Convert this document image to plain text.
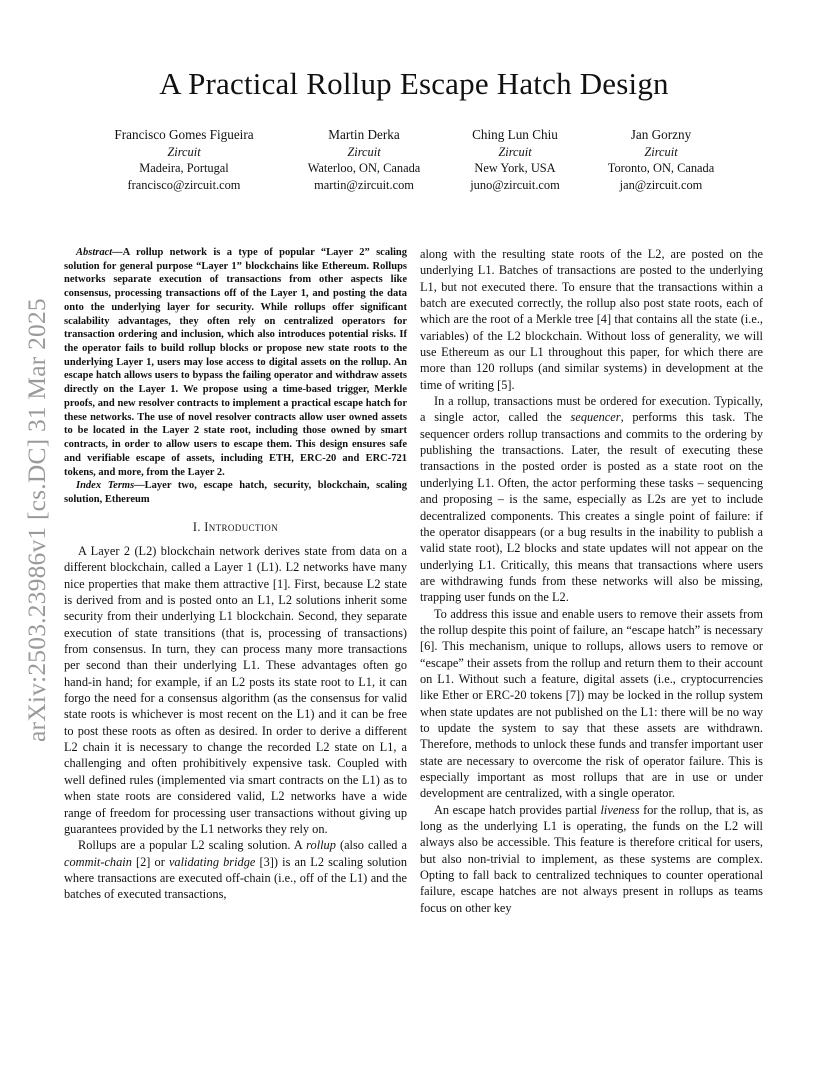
arXiv:2503.23986v1 [cs.DC] 31 Mar 2025
A Practical Rollup Escape Hatch Design
Francisco Gomes Figueira
Zircuit
Madeira, Portugal
francisco@zircuit.com
Martin Derka
Zircuit
Waterloo, ON, Canada
martin@zircuit.com
Ching Lun Chiu
Zircuit
New York, USA
juno@zircuit.com
Jan Gorzny
Zircuit
Toronto, ON, Canada
jan@zircuit.com

Abstract—A rollup network is a type of popular “Layer 2” scaling solution for general purpose “Layer 1” blockchains like Ethereum. Rollups networks separate execution of transactions from other aspects like consensus, processing transactions off of the Layer 1, and posting the data onto the underlying layer for security. While rollups offer significant scalability advantages, they often rely on centralized operators for transaction ordering and inclusion, which also introduces potential risks. If the operator fails to build rollup blocks or propose new state roots to the underlying Layer 1, users may lose access to digital assets on the rollup. An escape hatch allows users to bypass the failing operator and withdraw assets directly on the Layer 1. We propose using a time-based trigger, Merkle proofs, and new resolver contracts to implement a practical escape hatch for these networks. The use of novel resolver contracts allow user owned assets to be located in the Layer 2 state root, including those owned by smart contracts, in order to allow users to escape them. This design ensures safe and verifiable escape of assets, including ETH, ERC-20 and ERC-721 tokens, and more, from the Layer 2.

Index Terms—Layer two, escape hatch, security, blockchain, scaling solution, Ethereum

I. Introduction

A Layer 2 (L2) blockchain network derives state from data on a different blockchain, called a Layer 1 (L1). L2 networks have many nice properties that make them attractive [1]. First, because L2 state is derived from and is posted onto an L1, L2 solutions inherit some security from their underlying L1 blockchain. Second, they separate execution of state transitions (that is, processing of transactions) from consensus. In turn, they can process many more transactions per second than their underlying L1. These advantages often go hand-in hand; for example, if an L2 posts its state root to L1, it can forgo the need for a consensus algorithm (as the consensus for valid state roots is whichever is most recent on the L1) and it can be free to post these roots as often as desired. In order to derive a different L2 chain it is necessary to change the recorded L2 state on L1, a challenging and often prohibitively expensive task. Coupled with well defined rules (implemented via smart contracts on the L1) as to when state roots are considered valid, L2 networks have a wide range of freedom for processing user transactions without giving up guarantees provided by the L1 networks they rely on.

Rollups are a popular L2 scaling solution. A rollup (also called a commit-chain [2] or validating bridge [3]) is an L2 scaling solution where transactions are executed off-chain (i.e., off of the L1) and the batches of executed transactions,

along with the resulting state roots of the L2, are posted on the underlying L1. Batches of transactions are posted to the underlying L1, but not executed there. To ensure that the transactions within a batch are executed correctly, the rollup also post state roots, each of which are the root of a Merkle tree [4] that contains all the state (i.e., variables) of the L2 blockchain. Without loss of generality, we will use Ethereum as our L1 throughout this paper, for which there are more than 120 rollups (and similar systems) in development at the time of writing [5].

In a rollup, transactions must be ordered for execution. Typically, a single actor, called the sequencer, performs this task. The sequencer orders rollup transactions and commits to the ordering by publishing the transactions. Later, the result of executing these transactions in the posted order is posted as a state root on the underlying L1. Often, the actor performing these tasks – sequencing and proposing – is the same, especially as L2s are yet to include decentralized components. This creates a single point of failure: if the operator disappears (or a bug results in the inability to publish a valid state root), L2 blocks and state updates will not appear on the underlying L1. Critically, this means that transactions where users are withdrawing funds from these networks will also be missing, trapping user funds on the L2.

To address this issue and enable users to remove their assets from the rollup despite this point of failure, an “escape hatch” is necessary [6]. This mechanism, unique to rollups, allows users to remove or “escape” their assets from the rollup and return them to their account on L1. Without such a feature, digital assets (i.e., cryptocurrencies like Ether or ERC-20 tokens [7]) may be locked in the rollup system when state updates are not published on the L1: there will be no way to update the system to say that these assets are withdrawn. Therefore, methods to unlock these funds and transfer important user state are necessary to overcome the risk of operator failure. This is especially important as most rollups that are in use or under development are centralized, with a single operator.

An escape hatch provides partial liveness for the rollup, that is, as long as the underlying L1 is operating, the funds on the L2 will always also be accessible. This feature is therefore critical for users, but also non-trivial to implement, as these systems are complex. Opting to fall back to centralized techniques to counter operational failure, escape hatches are not always present in rollups as teams focus on other key
